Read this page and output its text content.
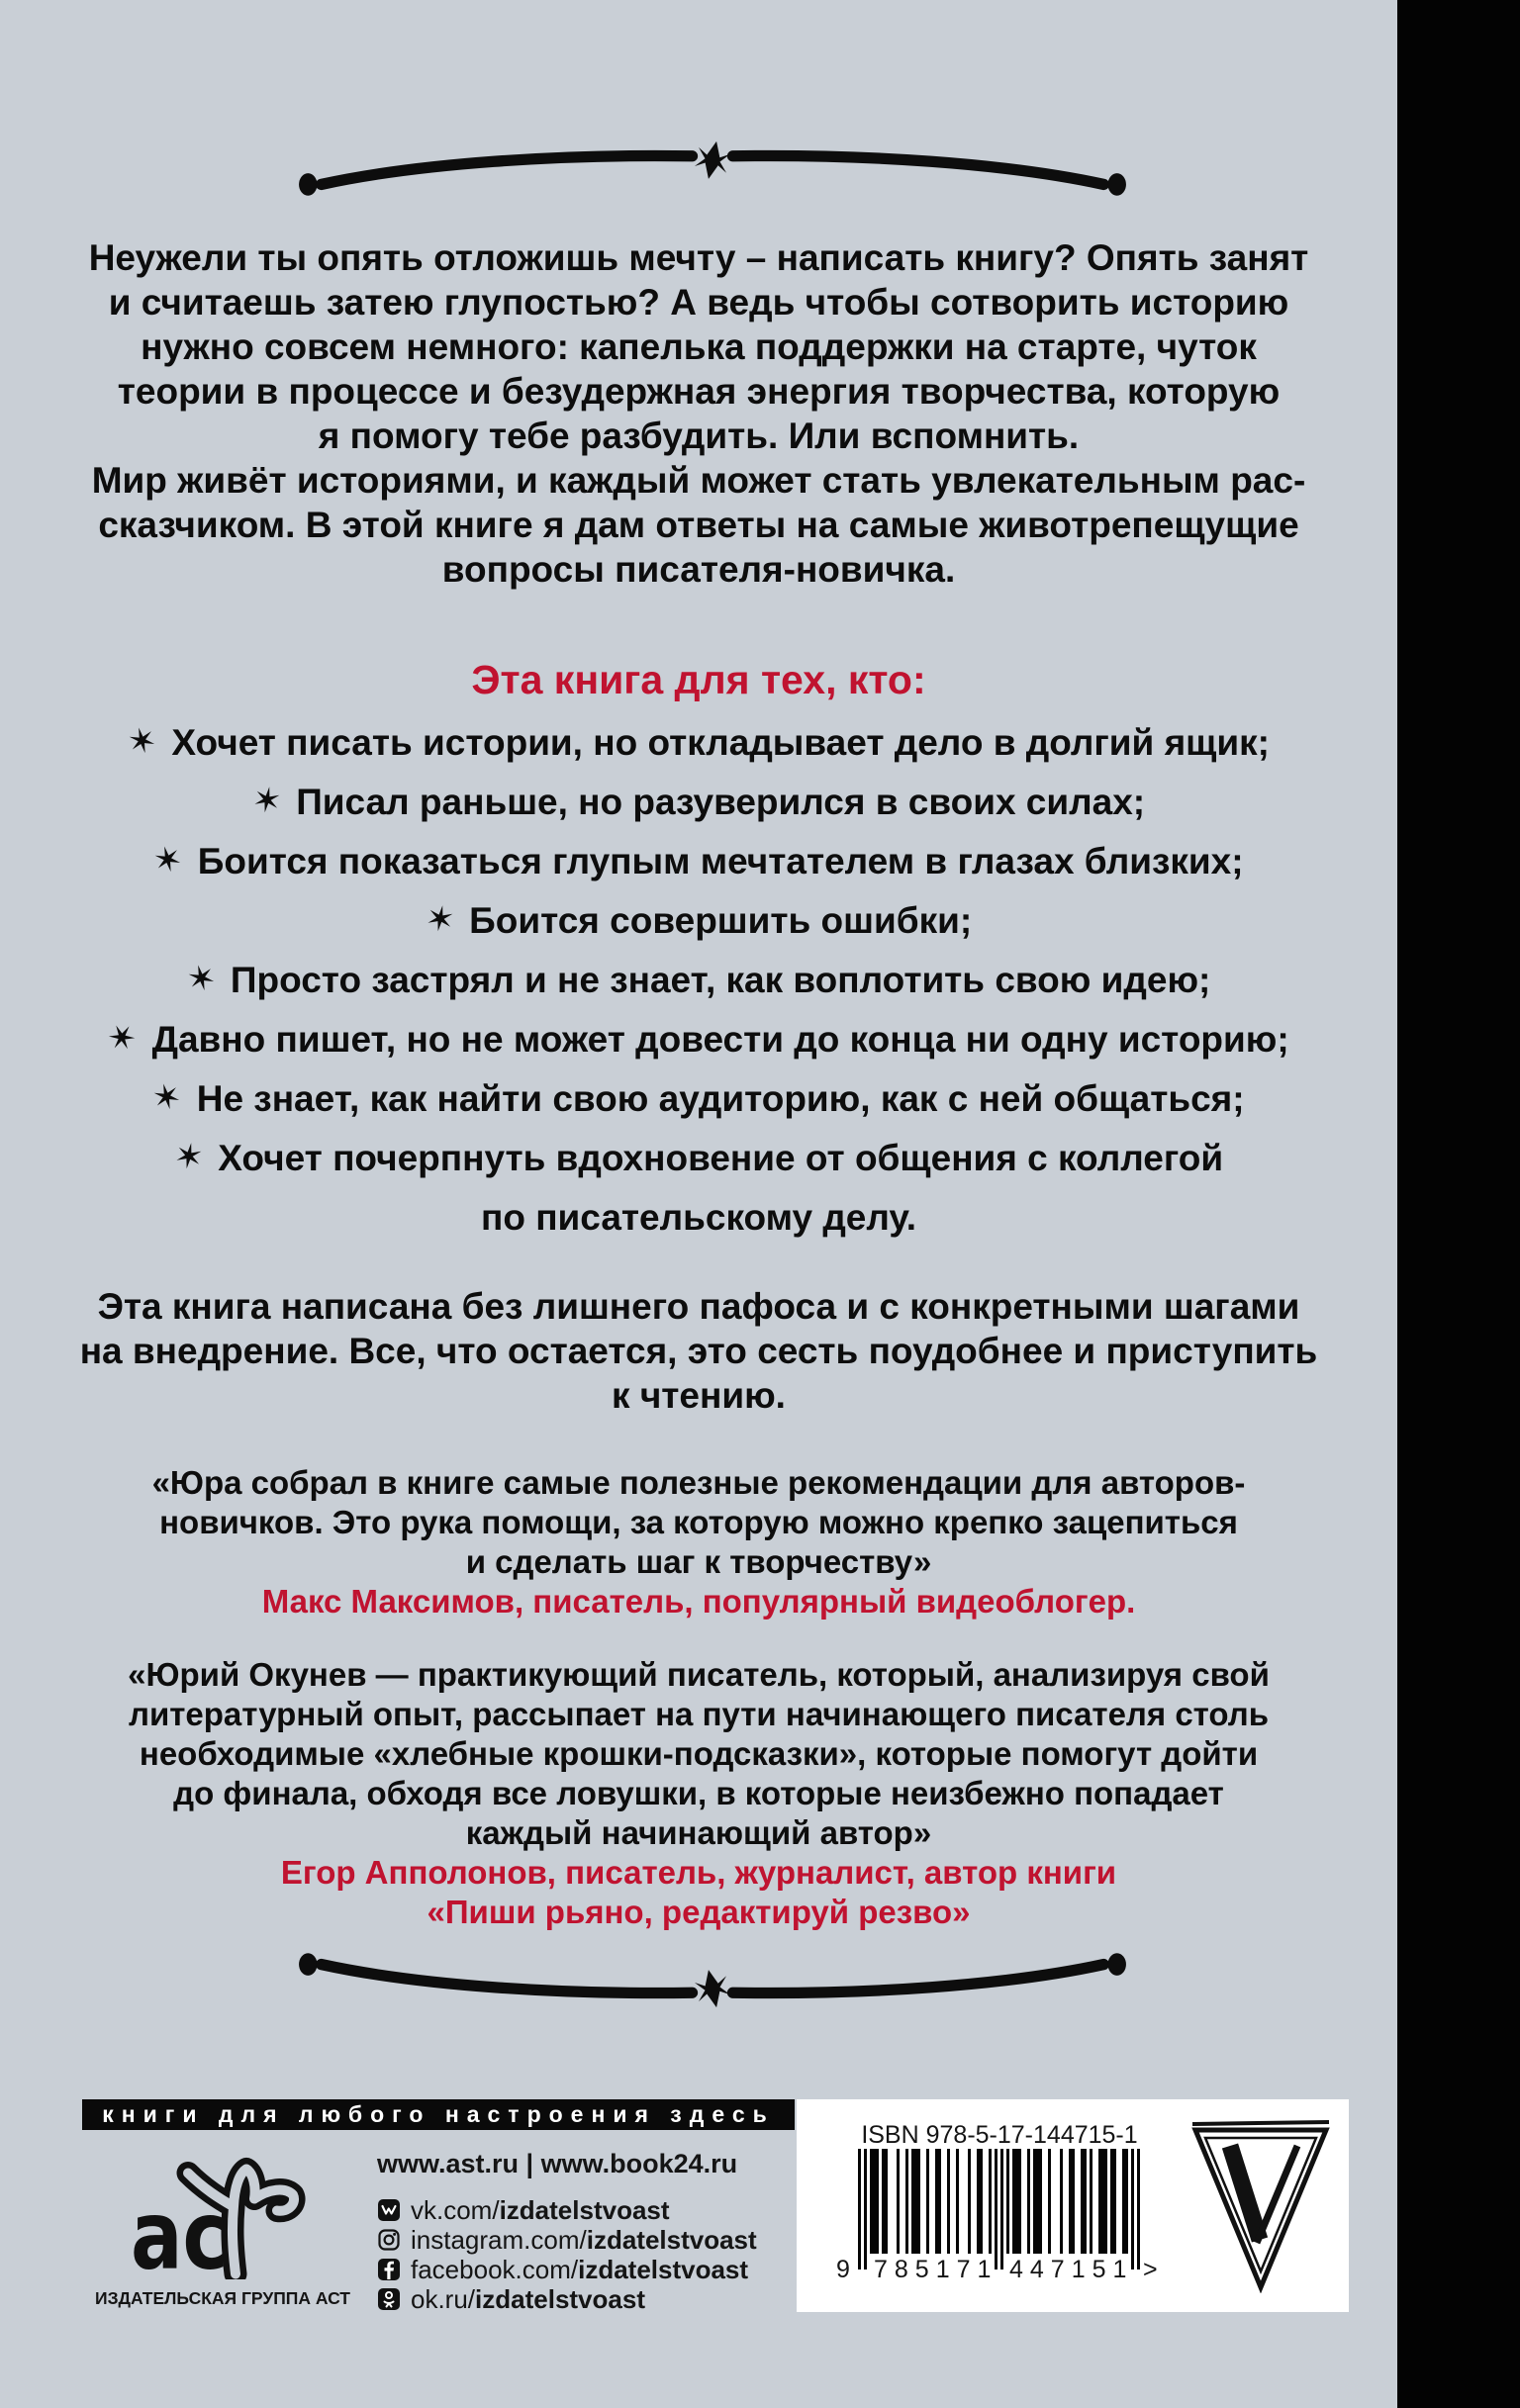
Неужели ты опять отложишь мечту – написать книгу? Опять занят
и считаешь затею глупостью? А ведь чтобы сотворить историю
нужно совсем немного: капелька поддержки на старте, чуток
теории в процессе и безудержная энергия творчества, которую
я помогу тебе разбудить. Или вспомнить.
Мир живёт историями, и каждый может стать увлекательным рас-
сказчиком. В этой книге я дам ответы на самые животрепещущие
вопросы писателя-новичка.
Эта книга для тех, кто:
✶ Хочет писать истории, но откладывает дело в долгий ящик;
✶ Писал раньше, но разуверился в своих силах;
✶ Боится показаться глупым мечтателем в глазах близких;
✶ Боится совершить ошибки;
✶ Просто застрял и не знает, как воплотить свою идею;
✶ Давно пишет, но не может довести до конца ни одну историю;
✶ Не знает, как найти свою аудиторию, как с ней общаться;
✶ Хочет почерпнуть вдохновение от общения с коллегой
по писательскому делу.
Эта книга написана без лишнего пафоса и с конкретными шагами
на внедрение. Все, что остается, это сесть поудобнее и приступить
к чтению.
«Юра собрал в книге самые полезные рекомендации для авторов-
новичков. Это рука помощи, за которую можно крепко зацепиться
и сделать шаг к творчеству»
Макс Максимов, писатель, популярный видеоблогер.
«Юрий Окунев — практикующий писатель, который, анализируя свой
литературный опыт, рассыпает на пути начинающего писателя столь
необходимые «хлебные крошки-подсказки», которые помогут дойти
до финала, обходя все ловушки, в которые неизбежно попадает
каждый начинающий автор»
Егор Апполонов, писатель, журналист, автор книги
«Пиши рьяно, редактируй резво»
книги для любого настроения здесь
ас
ИЗДАТЕЛЬСКАЯ ГРУППА АСТ
www.ast.ru | www.book24.ru
vk.com/ izdatelstvoast
instagram.com/ izdatelstvoast
facebook.com/ izdatelstvoast
ok.ru/ izdatelstvoast
ISBN 978-5-17-144715-1
9 785171 447151 >
